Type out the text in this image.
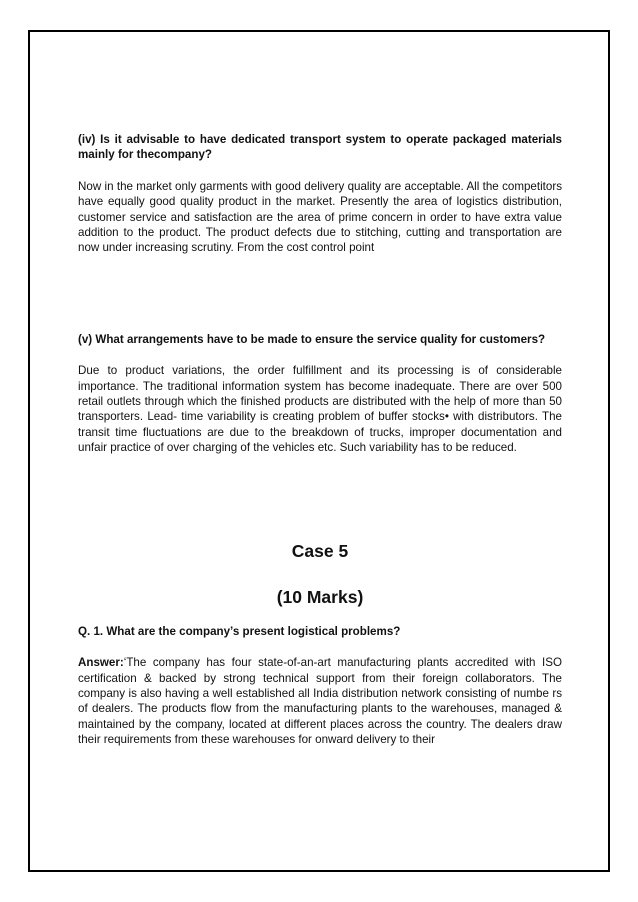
(iv) Is it advisable to have dedicated transport system to operate packaged materials mainly for thecompany?

Now in the market only garments with good delivery quality are acceptable. All the competitors have equally good quality product in the market. Presently the area of logistics distribution, customer service and satisfaction are the area of prime concern in order to have extra value addition to the product. The product defects due to stitching, cutting and transportation are now under increasing scrutiny. From the cost control point

(v) What arrangements have to be made to ensure the service quality for customers?

Due to product variations, the order fulfillment and its processing is of considerable importance. The traditional information system has become inadequate. There are over 500 retail outlets through which the finished products are distributed with the help of more than 50 transporters. Lead- time variability is creating problem of buffer stocks• with distributors. The transit time fluctuations are due to the breakdown of trucks, improper documentation and unfair practice of over charging of the vehicles etc. Such variability has to be reduced.

Case 5

(10 Marks)

Q. 1. What are the company’s present logistical problems?

Answer:‘The company has four state-of-an-art manufacturing plants accredited with ISO certification & backed by strong technical support from their foreign collaborators. The company is also having a well established all India distribution network consisting of numbe rs of dealers. The products flow from the manufacturing plants to the warehouses, managed & maintained by the company, located at different places across the country. The dealers draw their requirements from these warehouses for onward delivery to their
